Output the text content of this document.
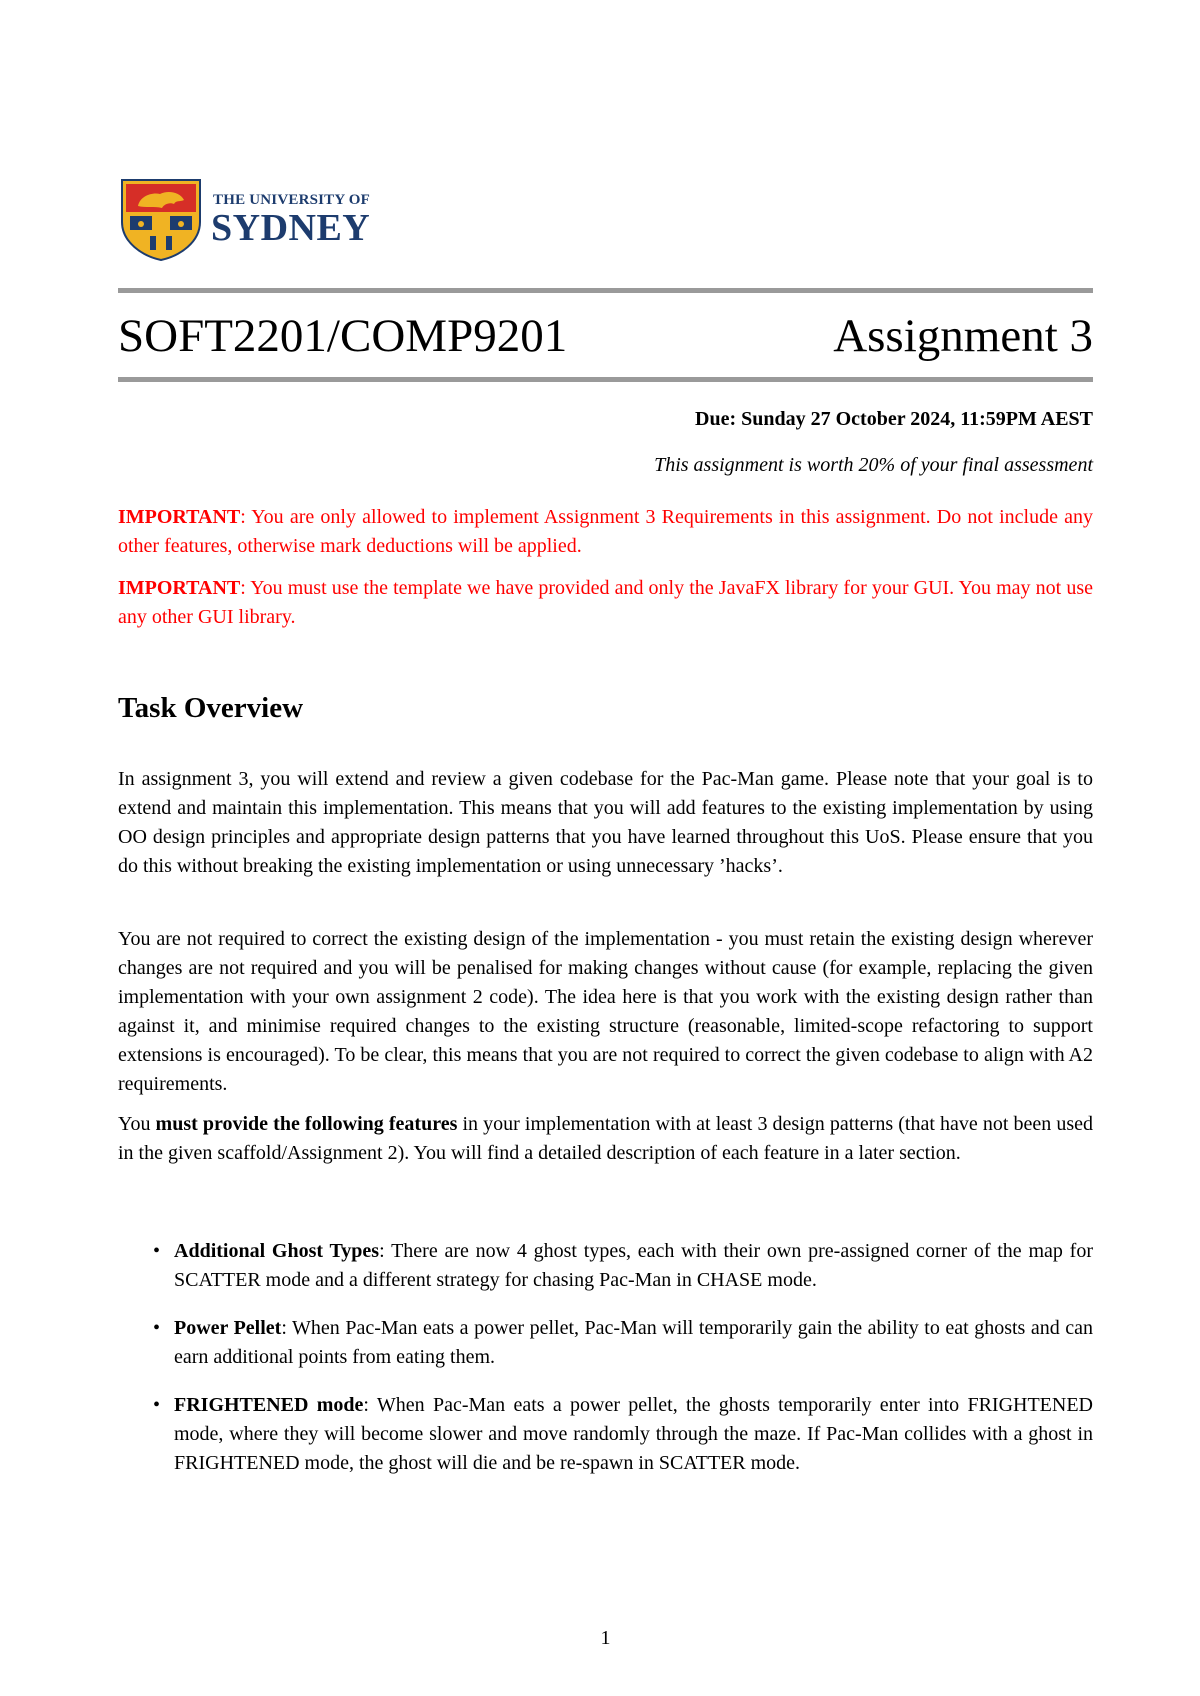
THE UNIVERSITY OF
SYDNEY
SOFT2201/COMP9201	Assignment 3
Due: Sunday 27 October 2024, 11:59PM AEST
This assignment is worth 20% of your final assessment

IMPORTANT: You are only allowed to implement Assignment 3 Requirements in this assignment. Do not include any other features, otherwise mark deductions will be applied.

IMPORTANT: You must use the template we have provided and only the JavaFX library for your GUI. You may not use any other GUI library.

Task Overview

In assignment 3, you will extend and review a given codebase for the Pac-Man game. Please note that your goal is to extend and maintain this implementation. This means that you will add features to the existing implementation by using OO design principles and appropriate design patterns that you have learned throughout this UoS. Please ensure that you do this without breaking the existing implementation or using unnecessary ’hacks’.

You are not required to correct the existing design of the implementation - you must retain the existing design wherever changes are not required and you will be penalised for making changes without cause (for example, replacing the given implementation with your own assignment 2 code). The idea here is that you work with the existing design rather than against it, and minimise required changes to the existing structure (reasonable, limited-scope refactoring to support extensions is encouraged). To be clear, this means that you are not required to correct the given codebase to align with A2 requirements.

You must provide the following features in your implementation with at least 3 design patterns (that have not been used in the given scaffold/Assignment 2). You will find a detailed description of each feature in a later section.

• Additional Ghost Types: There are now 4 ghost types, each with their own pre-assigned corner of the map for SCATTER mode and a different strategy for chasing Pac-Man in CHASE mode.
• Power Pellet: When Pac-Man eats a power pellet, Pac-Man will temporarily gain the ability to eat ghosts and can earn additional points from eating them.
• FRIGHTENED mode: When Pac-Man eats a power pellet, the ghosts temporarily enter into FRIGHTENED mode, where they will become slower and move randomly through the maze. If Pac-Man collides with a ghost in FRIGHTENED mode, the ghost will die and be re-spawn in SCATTER mode.
1
